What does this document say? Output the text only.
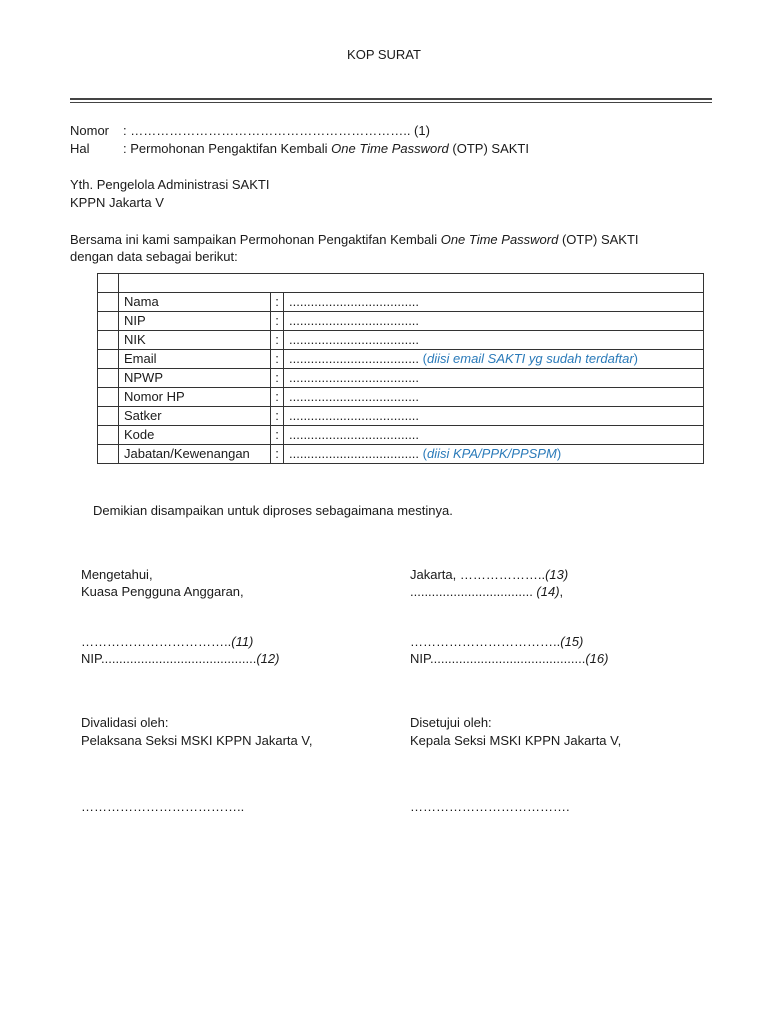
KOP SURAT
Nomor : ……………………………………………………….. (1)
Hal	: Permohonan Pengaktifan Kembali One Time Password (OTP) SAKTI
Yth. Pengelola Administrasi SAKTI
KPPN Jakarta V
Bersama ini kami sampaikan Permohonan Pengaktifan Kembali One Time Password (OTP) SAKTI
dengan data sebagai berikut:

	Nama	:	....................................
	NIP	:	....................................
	NIK	:	....................................
	Email	:	.................................... (diisi email SAKTI yg sudah terdaftar)
	NPWP	:	....................................
	Nomor HP	:	....................................
	Satker	:	....................................
	Kode	:	....................................
	Jabatan/Kewenangan	:	.................................... (diisi KPA/PPK/PPSPM)
Demikian disampaikan untuk diproses sebagaimana mestinya.
Mengetahui,
Kuasa Pengguna Anggaran,
Jakarta, ………………..(13)
.................................. (14),
……………………………..(11)
NIP...........................................(12)
……………………………..(15)
NIP...........................................(16)
Divalidasi oleh:
Pelaksana Seksi MSKI KPPN Jakarta V,
Disetujui oleh:
Kepala Seksi MSKI KPPN Jakarta V,
………………………………..	……………………………….
